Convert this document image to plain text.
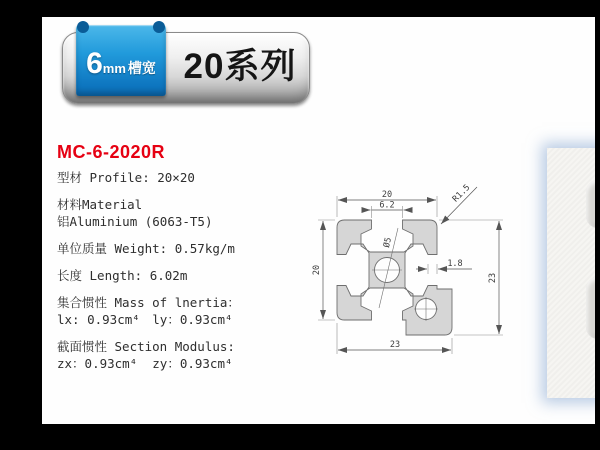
20系列
6 mm 槽宽
MC-6-2020R
型材 Profile: 20×20
材料Material
铝Aluminium (6063-T5)
单位质量 Weight: 0.57kg/m
长度 Length: 6.02m
集合惯性 Mass of lnertia：
lx: 0.93cm⁴　ly：0.93cm⁴
截面惯性 Section Modulus:
zx：0.93cm⁴  zy：0.93cm⁴
20
6.2
R1.5
Ø5
1.8
20
23
23
